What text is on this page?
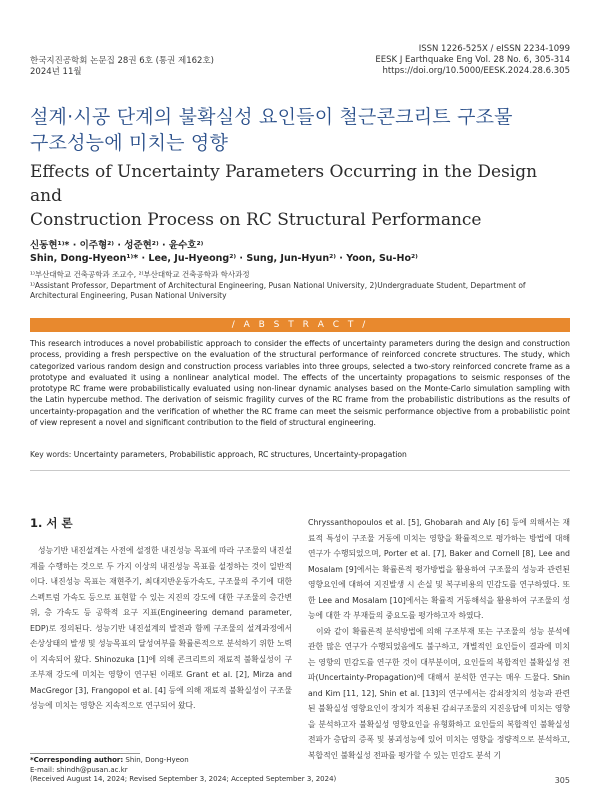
한국지진공학회 논문집 28권 6호 (통권 제162호)
2024년 11월
ISSN 1226-525X / eISSN 2234-1099
EESK J Earthquake Eng Vol. 28 No. 6, 305-314
https://doi.org/10.5000/EESK.2024.28.6.305
설계·시공 단계의 불확실성 요인들이 철근콘크리트 구조물
구조성능에 미치는 영향
Effects of Uncertainty Parameters Occurring in the Design and
Construction Process on RC Structural Performance
신동현¹⁾* · 이주형²⁾ · 성준현²⁾ · 윤수호²⁾
Shin, Dong-Hyeon¹⁾* · Lee, Ju-Hyeong²⁾ · Sung, Jun-Hyun²⁾ · Yoon, Su-Ho²⁾
¹⁾부산대학교 건축공학과 조교수, ²⁾부산대학교 건축공학과 학사과정
¹⁾Assistant Professor, Department of Architectural Engineering, Pusan National University, 2)Undergraduate Student, Department of Architectural Engineering, Pusan National University
/ A B S T R A C T /
This research introduces a novel probabilistic approach to consider the effects of uncertainty parameters during the design and construction process, providing a fresh perspective on the evaluation of the structural performance of reinforced concrete structures. The study, which categorized various random design and construction process variables into three groups, selected a two-story reinforced concrete frame as a prototype and evaluated it using a nonlinear analytical model. The effects of the uncertainty propagations to seismic responses of the prototype RC frame were probabilistically evaluated using non-linear dynamic analyses based on the Monte-Carlo simulation sampling with the Latin hypercube method. The derivation of seismic fragility curves of the RC frame from the probabilistic distributions as the results of uncertainty-propagation and the verification of whether the RC frame can meet the seismic performance objective from a probabilistic point of view represent a novel and significant contribution to the field of structural engineering.
Key words: Uncertainty parameters, Probabilistic approach, RC structures, Uncertainty-propagation
1. 서 론

성능기반 내진설계는 사전에 설정한 내진성능 목표에 따라 구조물의 내진설계를 수행하는 것으로 두 가지 이상의 내진성능 목표를 설정하는 것이 일반적이다. 내진성능 목표는 재현주기, 최대지반운동가속도, 구조물의 주기에 대한 스펙트럼 가속도 등으로 표현할 수 있는 지진의 강도에 대한 구조물의 층간변위, 층 가속도 등 공학적 요구 지표(Engineering demand parameter, EDP)로 정의된다. 성능기반 내진설계의 발전과 함께 구조물의 설계과정에서 손상상태의 발생 및 성능목표의 달성여부를 확률론적으로 분석하기 위한 노력이 지속되어 왔다. Shinozuka [1]에 의해 콘크리트의 재료적 불확실성이 구조부재 강도에 미치는 영향이 연구된 이래로 Grant et al. [2], Mirza and MacGregor [3], Frangopol et al. [4] 등에 의해 재료적 불확실성이 구조물 성능에 미치는 영향은 지속적으로 연구되어 왔다.

Chryssanthopoulos et al. [5], Ghobarah and Aly [6] 등에 의해서는 재료적 특성이 구조물 거동에 미치는 영향을 확률적으로 평가하는 방법에 대해 연구가 수행되었으며, Porter et al. [7], Baker and Cornell [8], Lee and Mosalam [9]에서는 확률론적 평가방법을 활용하여 구조물의 성능과 관련된 영향요인에 대하여 지진발생 시 손실 및 복구비용의 민감도를 연구하였다. 또한 Lee and Mosalam [10]에서는 확률적 거동해석을 활용하여 구조물의 성능에 대한 각 부재들의 중요도를 평가하고자 하였다.

이와 같이 확률론적 분석방법에 의해 구조부재 또는 구조물의 성능 분석에 관한 많은 연구가 수행되었음에도 불구하고, 개별적인 요인들이 결과에 미치는 영향의 민감도를 연구한 것이 대부분이며, 요인들의 복합적인 불확실성 전파(Uncertainty-Propagation)에 대해서 분석한 연구는 매우 드물다. Shin and Kim [11, 12], Shin et al. [13]의 연구에서는 감쇠장치의 성능과 관련된 불확실성 영향요인이 장치가 적용된 감쇠구조물의 지진응답에 미치는 영향을 분석하고자 불확실성 영향요인을 유형화하고 요인들의 복합적인 불확실성 전파가 층답의 증폭 및 붕괴성능에 있어 미치는 영향을 정량적으로 분석하고, 복합적인 불확실성 전파를 평가할 수 있는 민감도 분석 기

*Corresponding author: Shin, Dong-Hyeon
E-mail: shindh@pusan.ac.kr
(Received August 14, 2024; Revised September 3, 2024; Accepted September 3, 2024)	305
